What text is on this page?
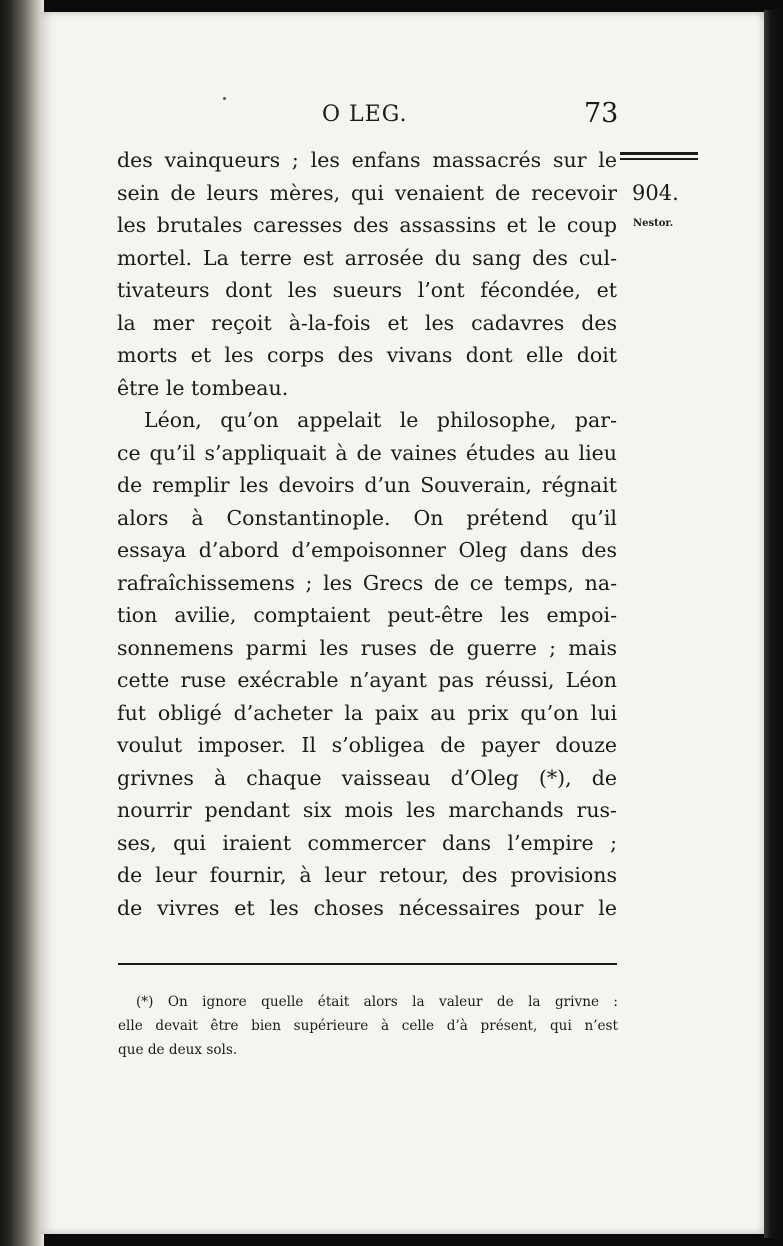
O LEG.	73
904.
Nestor.
des vainqueurs ; les enfans massacrés sur le
sein de leurs mères, qui venaient de recevoir
les brutales caresses des assassins et le coup
mortel. La terre est arrosée du sang des cul-
tivateurs dont les sueurs l’ont fécondée, et
la mer reçoit à-la-fois et les cadavres des
morts et les corps des vivans dont elle doit
être le tombeau.
Léon, qu’on appelait le philosophe, par-
ce qu’il s’appliquait à de vaines études au lieu
de remplir les devoirs d’un Souverain, régnait
alors à Constantinople. On prétend qu’il
essaya d’abord d’empoisonner Oleg dans des
rafraîchissemens ; les Grecs de ce temps, na-
tion avilie, comptaient peut-être les empoi-
sonnemens parmi les ruses de guerre ; mais
cette ruse exécrable n’ayant pas réussi, Léon
fut obligé d’acheter la paix au prix qu’on lui
voulut imposer. Il s’obligea de payer douze
grivnes à chaque vaisseau d’Oleg (*), de
nourrir pendant six mois les marchands rus-
ses, qui iraient commercer dans l’empire ;
de leur fournir, à leur retour, des provisions
de vivres et les choses nécessaires pour le
(*) On ignore quelle était alors la valeur de la grivne :
elle devait être bien supérieure à celle d’à présent, qui n’est
que de deux sols.
